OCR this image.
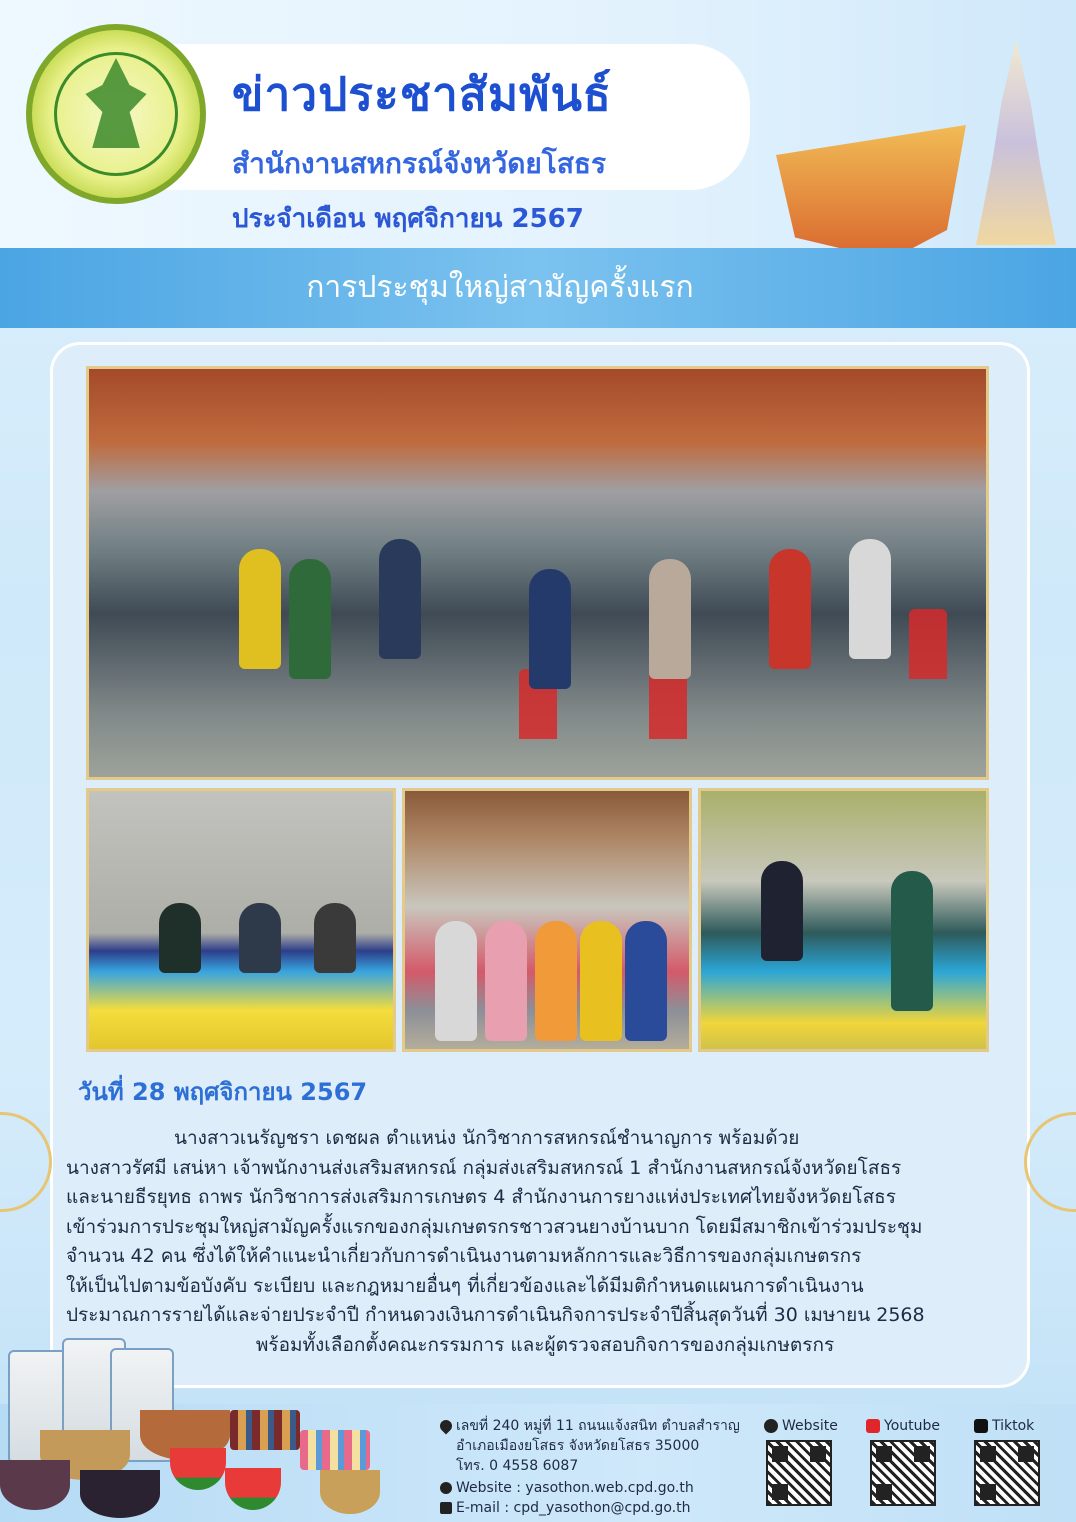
ข่าวประชาสัมพันธ์
สำนักงานสหกรณ์จังหวัดยโสธร
ประจำเดือน พฤศจิกายน 2567
การประชุมใหญ่สามัญครั้งแรก
วันที่ 28 พฤศจิกายน 2567

นางสาวเนรัญชรา เดชผล ตำแหน่ง นักวิชาการสหกรณ์ชำนาญการ พร้อมด้วย

นางสาวรัศมี เสน่หา เจ้าพนักงานส่งเสริมสหกรณ์ กลุ่มส่งเสริมสหกรณ์ 1 สำนักงานสหกรณ์จังหวัดยโสธร

และนายธีรยุทธ ถาพร นักวิชาการส่งเสริมการเกษตร 4 สำนักงานการยางแห่งประเทศไทยจังหวัดยโสธร

เข้าร่วมการประชุมใหญ่สามัญครั้งแรกของกลุ่มเกษตรกรชาวสวนยางบ้านบาก โดยมีสมาชิกเข้าร่วมประชุม

จำนวน 42 คน ซึ่งได้ให้คำแนะนำเกี่ยวกับการดำเนินงานตามหลักการและวิธีการของกลุ่มเกษตรกร

ให้เป็นไปตามข้อบังคับ ระเบียบ และกฎหมายอื่นๆ ที่เกี่ยวข้องและได้มีมติกำหนดแผนการดำเนินงาน

ประมาณการรายได้และจ่ายประจำปี กำหนดวงเงินการดำเนินกิจการประจำปีสิ้นสุดวันที่ 30 เมษายน 2568

พร้อมทั้งเลือกตั้งคณะกรรมการ และผู้ตรวจสอบกิจการของกลุ่มเกษตรกร

เลขที่ 240 หมู่ที่ 11 ถนนแจ้งสนิท ตำบลสำราญ
อำเภอเมืองยโสธร จังหวัดยโสธร 35000
โทร. 0 4558 6087
Website : yasothon.web.cpd.go.th
E-mail : cpd_yasothon@cpd.go.th
Website	Youtube	Tiktok
